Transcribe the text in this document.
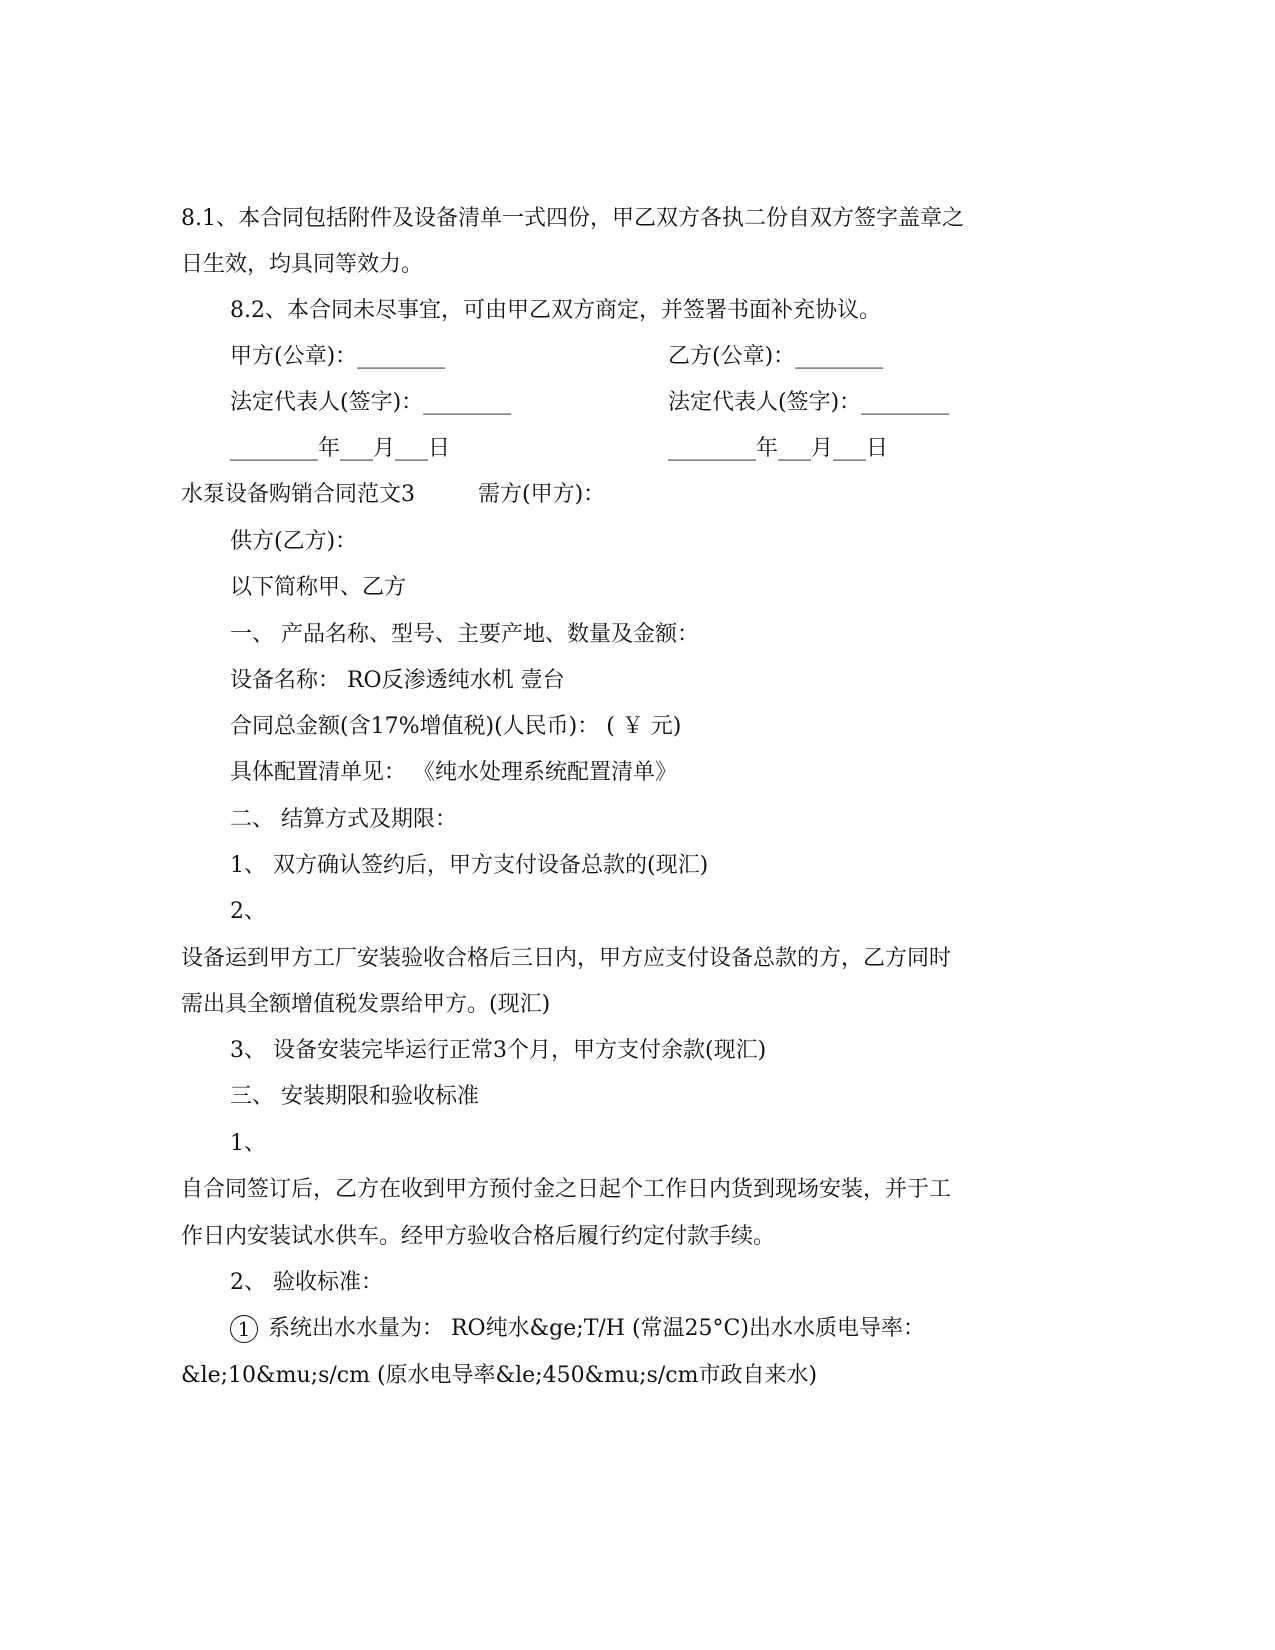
8.1、本合同包括附件及设备清单一式四份，甲乙双方各执二份自双方签字盖章之
日生效，均具同等效力。
8.2、本合同未尽事宜，可由甲乙双方商定，并签署书面补充协议。
甲方(公章)：________	乙方(公章)：________
法定代表人(签字)：________	法定代表人(签字)：________
________年___月___日	________年___月___日
水泵设备购销合同范文3	需方(甲方)：
供方(乙方)：
以下简称甲、乙方
一、 产品名称、型号、主要产地、数量及金额：
设备名称： RO反渗透纯水机 壹台
合同总金额(含17%增值税)(人民币)： ( ￥ 元)
具体配置清单见： 《纯水处理系统配置清单》
二、 结算方式及期限：
1、 双方确认签约后，甲方支付设备总款的(现汇)
2、
设备运到甲方工厂安装验收合格后三日内，甲方应支付设备总款的方，乙方同时
需出具全额增值税发票给甲方。(现汇)
3、 设备安装完毕运行正常3个月，甲方支付余款(现汇)
三、 安装期限和验收标准
1、
自合同签订后，乙方在收到甲方预付金之日起个工作日内货到现场安装，并于工
作日内安装试水供车。经甲方验收合格后履行约定付款手续。
2、 验收标准：
1 系统出水水量为： RO纯水&ge;T/H (常温25°C)出水水质电导率：
&le;10&mu;s/cm (原水电导率&le;450&mu;s/cm市政自来水)
